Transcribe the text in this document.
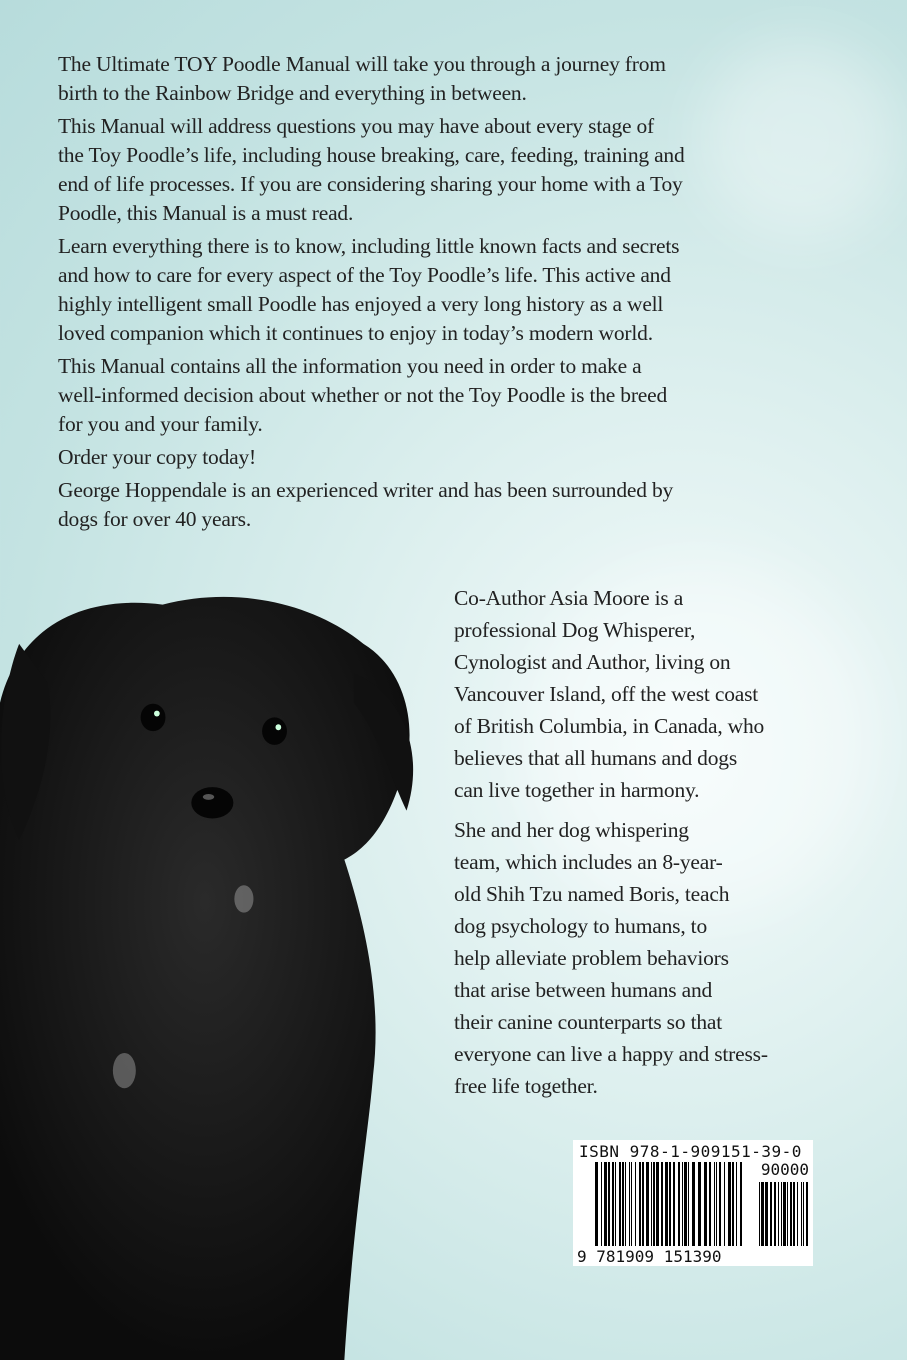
The Ultimate TOY Poodle Manual will take you through a journey from
birth to the Rainbow Bridge and everything in between.

This Manual will address questions you may have about every stage of
the Toy Poodle’s life, including house breaking, care, feeding, training and
end of life processes. If you are considering sharing your home with a Toy
Poodle, this Manual is a must read.

Learn everything there is to know, including little known facts and secrets
and how to care for every aspect of the Toy Poodle’s life. This active and
highly intelligent small Poodle has enjoyed a very long history as a well
loved companion which it continues to enjoy in today’s modern world.

This Manual contains all the information you need in order to make a
well-informed decision about whether or not the Toy Poodle is the breed
for you and your family.

Order your copy today!

George Hoppendale is an experienced writer and has been surrounded by
dogs for over 40 years.

Co-Author Asia Moore is a
professional Dog Whisperer,
Cynologist and Author, living on
Vancouver Island, off the west coast
of British Columbia, in Canada, who
believes that all humans and dogs
can live together in harmony.

She and her dog whispering
team, which includes an 8-year-
old Shih Tzu named Boris, teach
dog psychology to humans, to
help alleviate problem behaviors
that arise between humans and
their canine counterparts so that
everyone can live a happy and stress-
free life together.

ISBN 978-1-909151-39-0
90000
9 781909 151390
